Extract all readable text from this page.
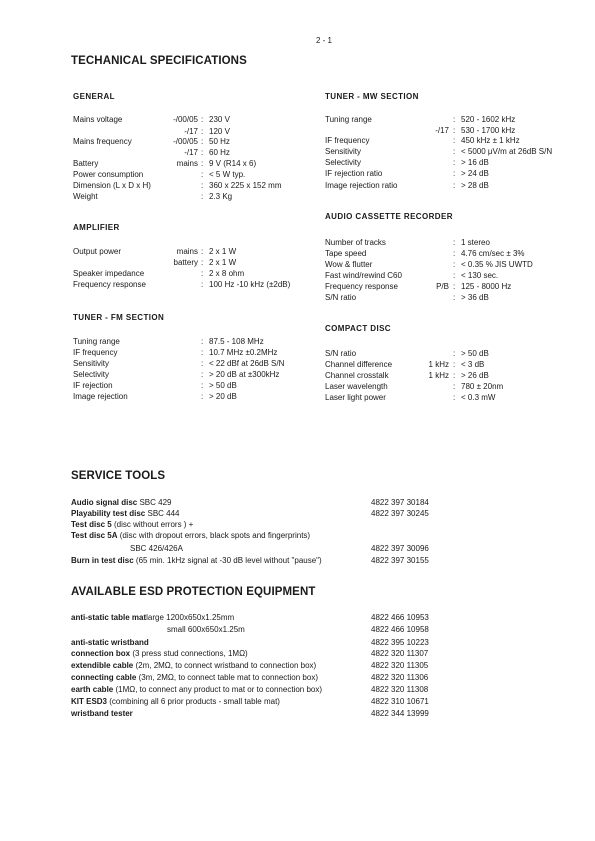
2 - 1
TECHANICAL SPECIFICATIONS
GENERAL
Mains voltage	-/00/05 : 230 V
-/17 : 120 V
Mains frequency	-/00/05 : 50 Hz
-/17 : 60 Hz
Battery	mains : 9 V (R14 x 6)
Power consumption	: < 5 W typ.
Dimension (L x D x H)	: 360 x 225 x 152 mm
Weight	: 2.3 Kg
AMPLIFIER
Output power	mains : 2 x 1 W
battery : 2 x 1 W
Speaker impedance	: 2 x 8 ohm
Frequency response	: 100 Hz -10 kHz (±2dB)
TUNER - FM SECTION
Tuning range	: 87.5 - 108 MHz
IF frequency	: 10.7 MHz ±0.2MHz
Sensitivity	: < 22 dBf at 26dB S/N
Selectivity	: > 20 dB at ±300kHz
IF rejection	: > 50 dB
Image rejection	: > 20 dB
TUNER - MW SECTION
Tuning range	: 520 - 1602 kHz
-/17 : 530 - 1700 kHz
IF frequency	: 450 kHz ± 1 kHz
Sensitivity	: < 5000 μV/m at 26dB S/N
Selectivity	: > 16 dB
IF rejection ratio	: > 24 dB
Image rejection ratio	: > 28 dB
AUDIO CASSETTE RECORDER
Number of tracks	: 1 stereo
Tape speed	: 4.76 cm/sec ± 3%
Wow & flutter	: < 0.35 % JIS UWTD
Fast wind/rewind C60	: < 130 sec.
Frequency response	P/B : 125 - 8000 Hz
S/N ratio	: > 36 dB
COMPACT DISC
S/N ratio	: > 50 dB
Channel difference	1 kHz : < 3 dB
Channel crosstalk	1 kHz : > 26 dB
Laser wavelength	: 780 ± 20nm
Laser light power	: < 0.3 mW
SERVICE TOOLS
Audio signal disc SBC 429	4822 397 30184
Playability test disc SBC 444	4822 397 30245
Test disc 5 (disc without errors ) +
Test disc 5A (disc with dropout errors, black spots and fingerprints)
SBC 426/426A	4822 397 30096
Burn in test disc (65 min. 1kHz signal at -30 dB level without "pause")	4822 397 30155
AVAILABLE ESD PROTECTION EQUIPMENT
anti-static table matlarge 1200x650x1.25mm	4822 466 10953
small 600x650x1.25m	4822 466 10958
anti-static wristband	4822 395 10223
connection box (3 press stud connections, 1MΩ)	4822 320 11307
extendible cable (2m, 2MΩ, to connect wristband to connection box)	4822 320 11305
connecting cable (3m, 2MΩ, to connect table mat to connection box)	4822 320 11306
earth cable (1MΩ, to connect any product to mat or to connection box)	4822 320 11308
KIT ESD3 (combining all 6 prior products - small table mat)	4822 310 10671
wristband tester	4822 344 13999
